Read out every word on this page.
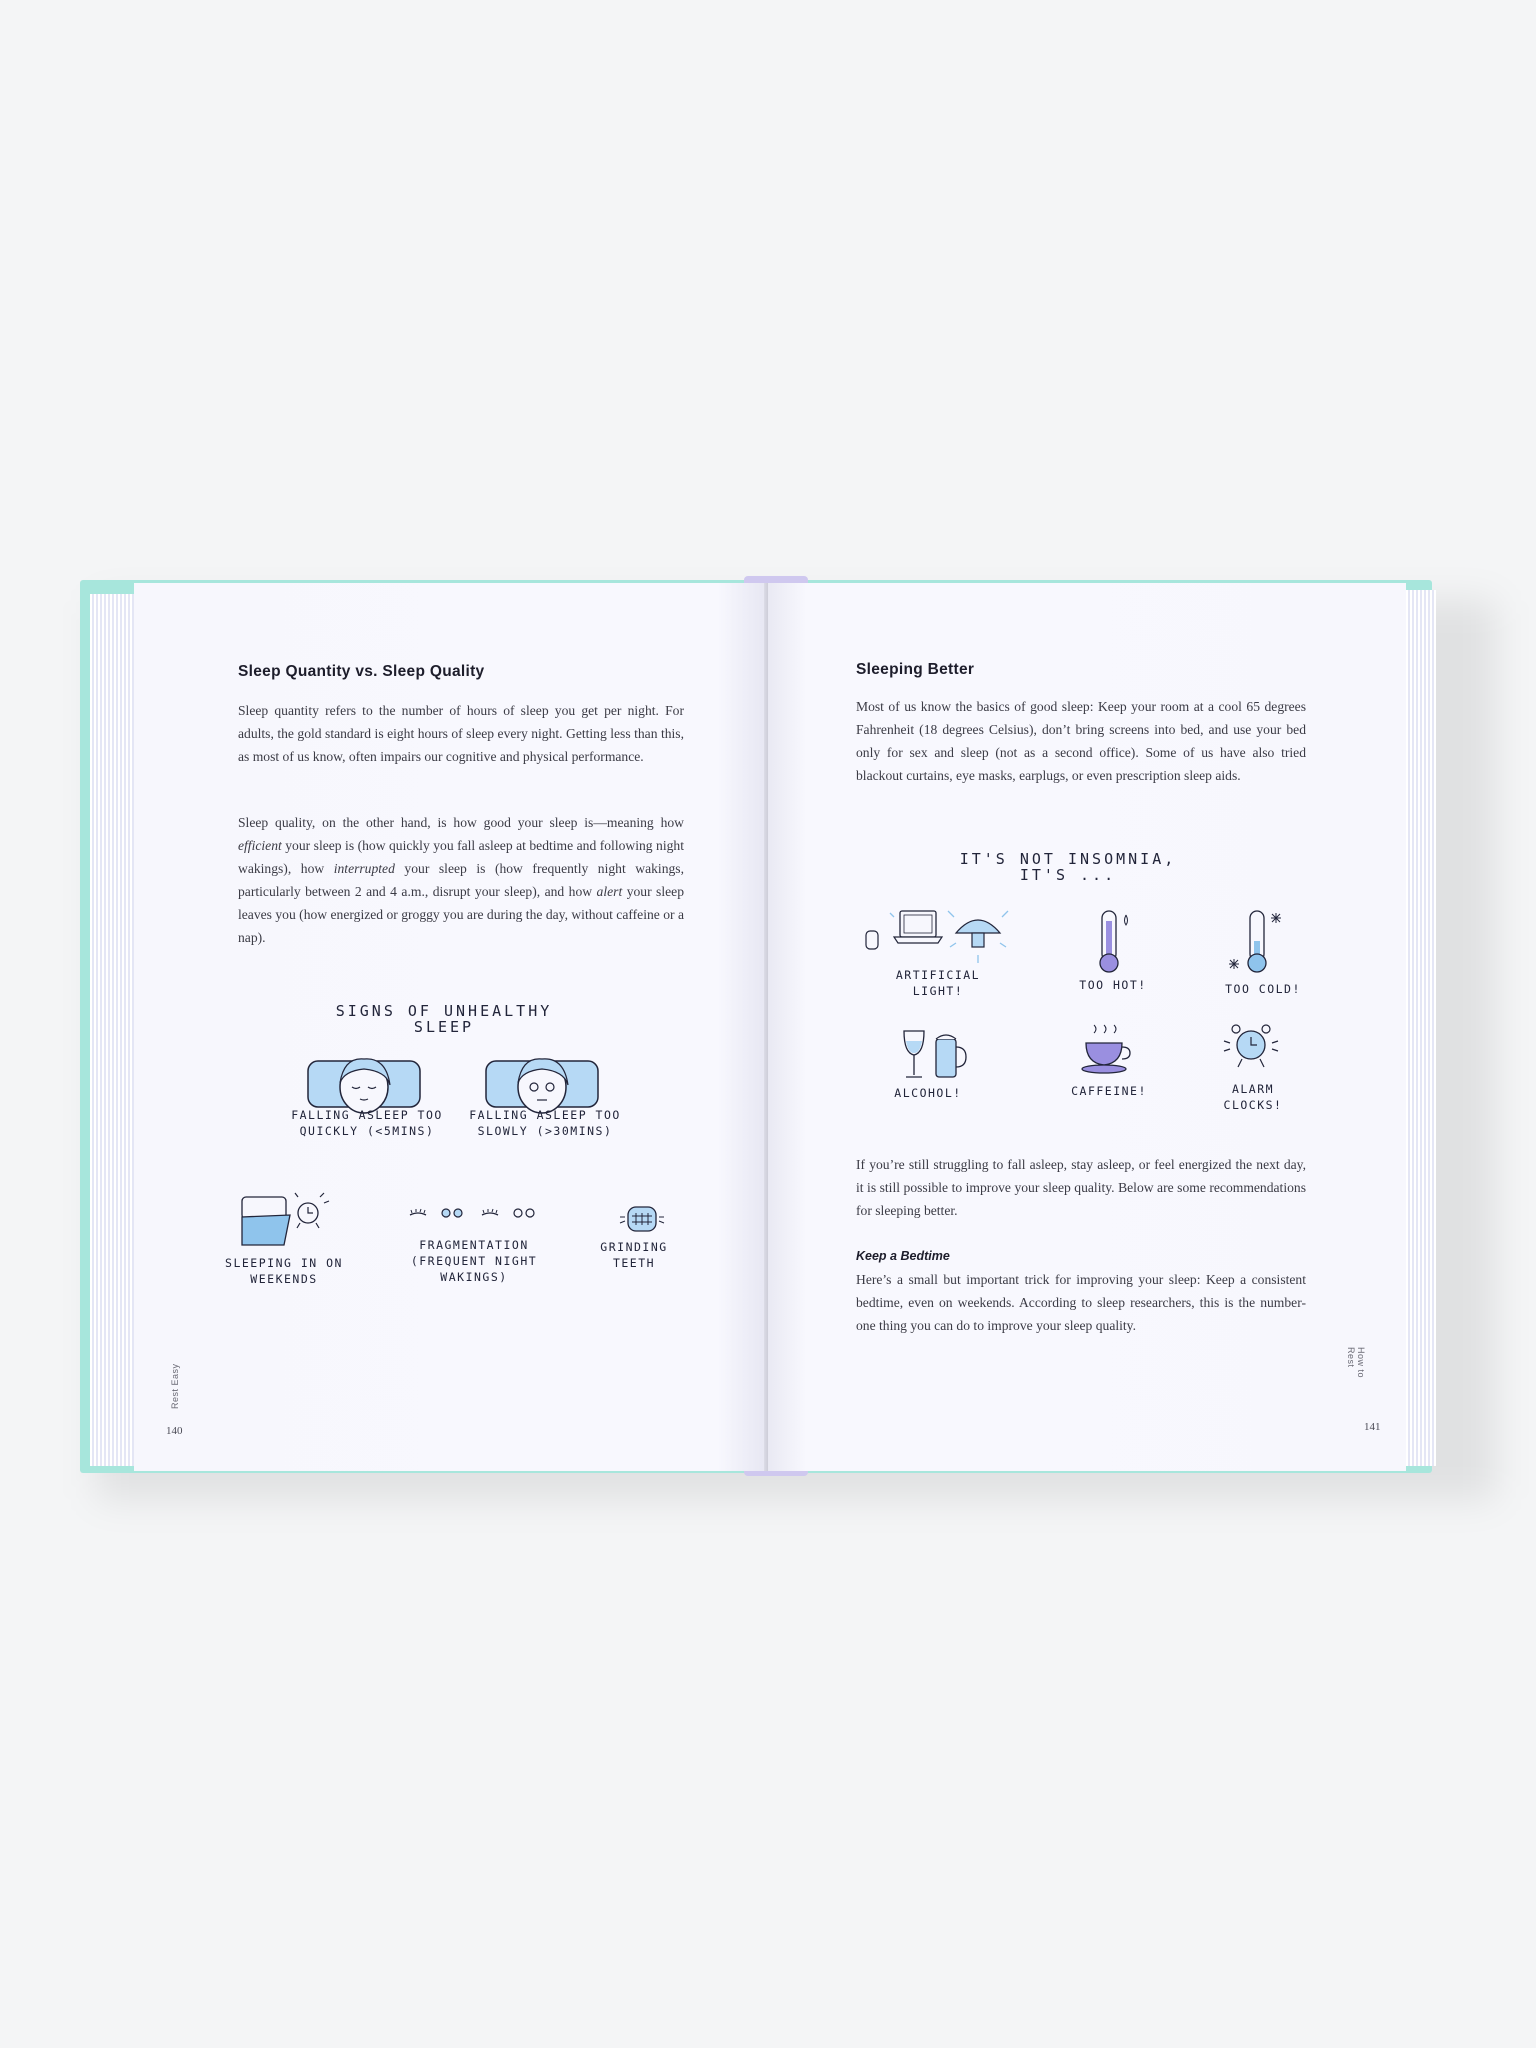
Sleep Quantity vs. Sleep Quality

Sleep quantity refers to the number of hours of sleep you get per night. For adults, the gold standard is eight hours of sleep every night. Getting less than this, as most of us know, often impairs our cognitive and physical performance.

Sleep quality, on the other hand, is how good your sleep is—meaning how efficient your sleep is (how quickly you fall asleep at bedtime and following night wakings), how interrupted your sleep is (how frequently night wakings, particularly between 2 and 4 a.m., disrupt your sleep), and how alert your sleep leaves you (how energized or groggy you are during the day, without caffeine or a nap).

SIGNS OF UNHEALTHY SLEEP
FALLING ASLEEP TOO QUICKLY (<5MINS)
FALLING ASLEEP TOO SLOWLY (>30MINS)
SLEEPING IN ON WEEKENDS
FRAGMENTATION (FREQUENT NIGHT WAKINGS)
GRINDING TEETH
Rest Easy
140
Sleeping Better

Most of us know the basics of good sleep: Keep your room at a cool 65 degrees Fahrenheit (18 degrees Celsius), don’t bring screens into bed, and use your bed only for sex and sleep (not as a second office). Some of us have also tried blackout curtains, eye masks, earplugs, or even prescription sleep aids.

IT'S NOT INSOMNIA, IT'S ...
ARTIFICIAL LIGHT!	TOO HOT!	TOO COLD!
ALCOHOL!	CAFFEINE!	ALARM CLOCKS!

If you’re still struggling to fall asleep, stay asleep, or feel energized the next day, it is still possible to improve your sleep quality. Below are some recommendations for sleeping better.

Keep a Bedtime
Here’s a small but important trick for improving your sleep: Keep a consistent bedtime, even on weekends. According to sleep researchers, this is the number-one thing you can do to improve your sleep quality.

How to Rest
141
